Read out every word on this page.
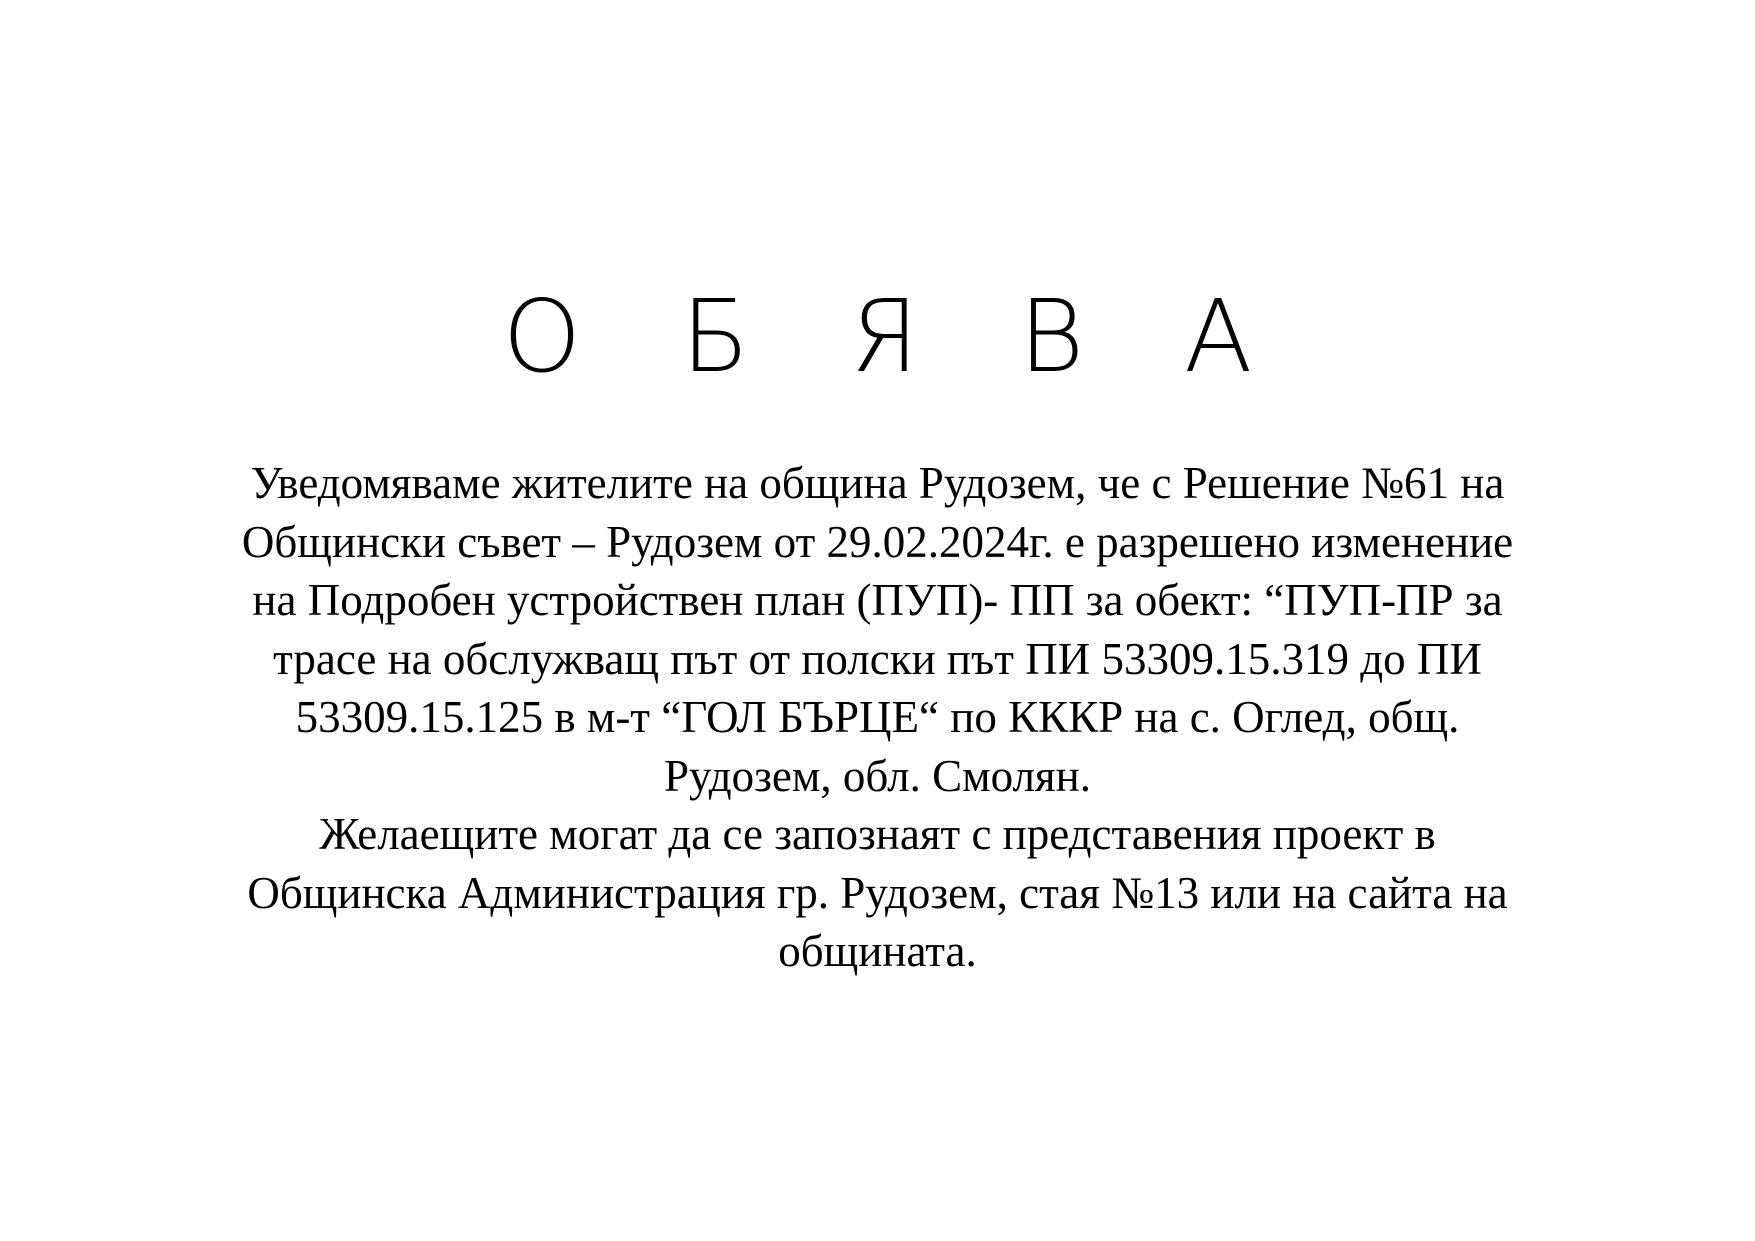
О Б Я В А
Уведомяваме жителите на община Рудозем, че с Решение №61 на
Общински съвет – Рудозем от 29.02.2024г. е разрешено изменение
на Подробен устройствен план (ПУП)- ПП за обект: “ПУП-ПР за
трасе на обслужващ път от полски път ПИ 53309.15.319 до ПИ
53309.15.125 в м-т “ГОЛ БЪРЦЕ“ по КККР на с. Оглед, общ.
Рудозем, обл. Смолян.
Желаещите могат да се запознаят с представения проект в
Общинска Администрация гр. Рудозем, стая №13 или на сайта на
общината.
